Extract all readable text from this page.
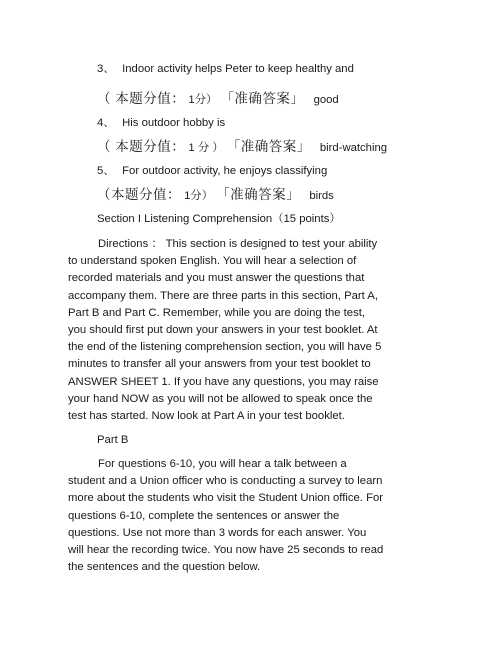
3、 Indoor activity helps Peter to keep healthy and
（ 本题分值： 1分） 「准确答案」 good
4、 His outdoor hobby is
（ 本题分值： 1 分 ） 「准确答案」 bird-watching
5、 For outdoor activity, he enjoys classifying
（本题分值： 1分） 「准确答案」 birds
Section I Listening Comprehension（15 points）
Directions ： This section is designed to test your ability to understand spoken English. You will hear a selection of recorded materials and you must answer the questions that accompany them. There are three parts in this section, Part A, Part B and Part C. Remember, while you are doing the test, you should first put down your answers in your test booklet. At the end of the listening comprehension section, you will have 5 minutes to transfer all your answers from your test booklet to ANSWER SHEET 1. If you have any questions, you may raise your hand NOW as you will not be allowed to speak once the test has started. Now look at Part A in your test booklet.
Part B
For questions 6-10, you will hear a talk between a student and a Union officer who is conducting a survey to learn more about the students who visit the Student Union office. For questions 6-10, complete the sentences or answer the questions. Use not more than 3 words for each answer. You will hear the recording twice. You now have 25 seconds to read the sentences and the question below.
